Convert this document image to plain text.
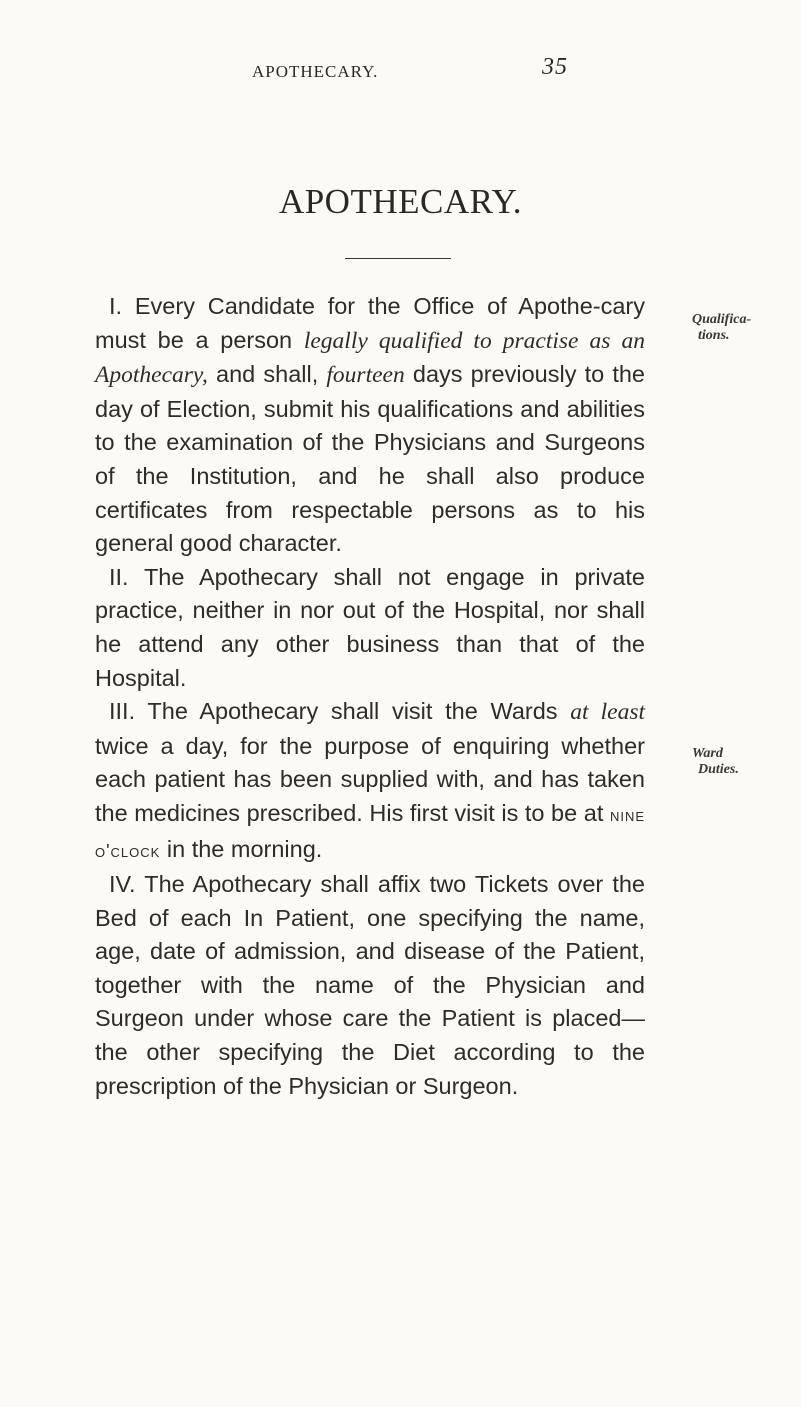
APOTHECARY.	35
APOTHECARY.

I. Every Candidate for the Office of Apothe-cary must be a person legally qualified to practise as an Apothecary, and shall, fourteen days previously to the day of Election, submit his qualifications and abilities to the examination of the Physicians and Surgeons of the Institution, and he shall also produce certificates from respectable persons as to his general good character.

II. The Apothecary shall not engage in private practice, neither in nor out of the Hospital, nor shall he attend any other business than that of the Hospital.

III. The Apothecary shall visit the Wards at least twice a day, for the purpose of enquiring whether each patient has been supplied with, and has taken the medicines prescribed. His first visit is to be at nine o'clock in the morning.

IV. The Apothecary shall affix two Tickets over the Bed of each In Patient, one specifying the name, age, date of admission, and disease of the Patient, together with the name of the Physician and Surgeon under whose care the Patient is placed—the other specifying the Diet according to the prescription of the Physician or Surgeon.

Qualifica-
tions.
Ward
Duties.
